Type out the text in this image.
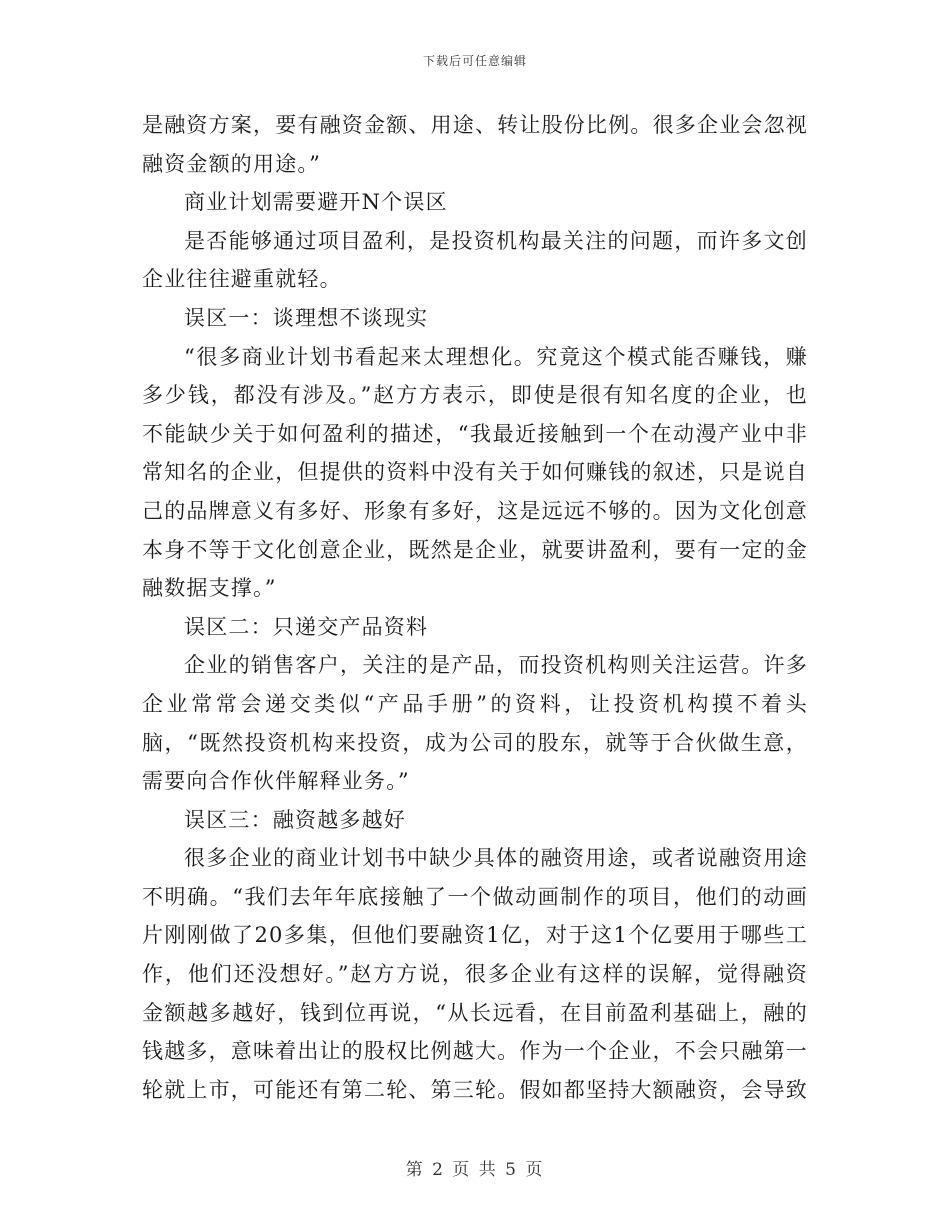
下载后可任意编辑

是融资方案，要有融资金额、用途、转让股份比例。很多企业会忽视融资金额的用途。”

商业计划需要避开N个误区

是否能够通过项目盈利，是投资机构最关注的问题，而许多文创企业往往避重就轻。

误区一：谈理想不谈现实

“很多商业计划书看起来太理想化。究竟这个模式能否赚钱，赚多少钱，都没有涉及。”赵方方表示，即使是很有知名度的企业，也不能缺少关于如何盈利的描述，“我最近接触到一个在动漫产业中非常知名的企业，但提供的资料中没有关于如何赚钱的叙述，只是说自己的品牌意义有多好、形象有多好，这是远远不够的。因为文化创意本身不等于文化创意企业，既然是企业，就要讲盈利，要有一定的金融数据支撑。”

误区二：只递交产品资料

企业的销售客户，关注的是产品，而投资机构则关注运营。许多企业常常会递交类似“产品手册”的资料，让投资机构摸不着头脑，“既然投资机构来投资，成为公司的股东，就等于合伙做生意，需要向合作伙伴解释业务。”

误区三：融资越多越好

很多企业的商业计划书中缺少具体的融资用途，或者说融资用途不明确。“我们去年年底接触了一个做动画制作的项目，他们的动画片刚刚做了20多集，但他们要融资1亿，对于这1个亿要用于哪些工作，他们还没想好。”赵方方说，很多企业有这样的误解，觉得融资金额越多越好，钱到位再说，“从长远看，在目前盈利基础上，融的钱越多，意味着出让的股权比例越大。作为一个企业，不会只融第一轮就上市，可能还有第二轮、第三轮。假如都坚持大额融资，会导致

第 2 页 共 5 页
